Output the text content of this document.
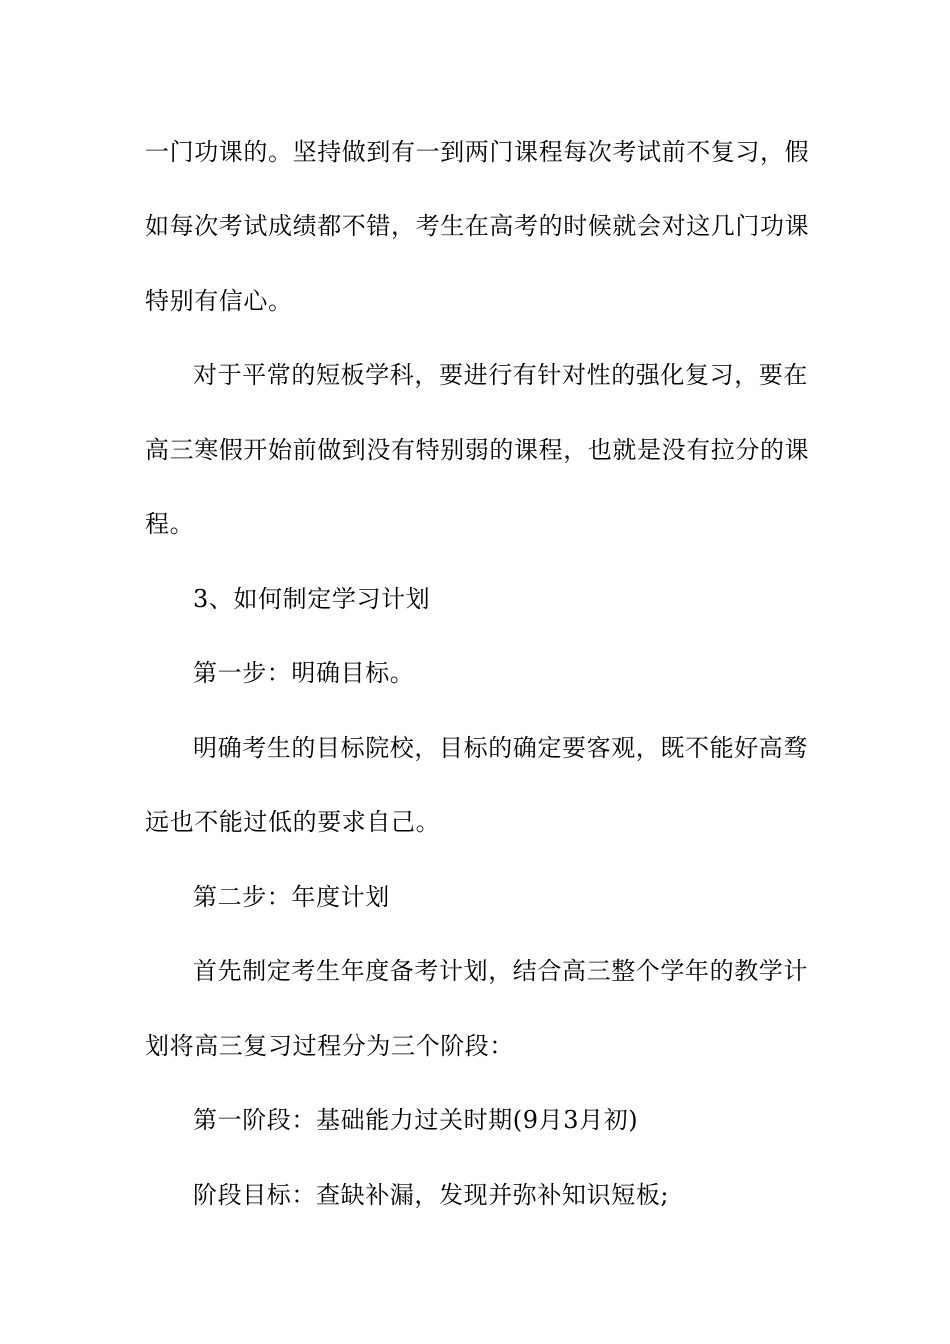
一门功课的。坚持做到有一到两门课程每次考试前不复习，假
如每次考试成绩都不错，考生在高考的时候就会对这几门功课
特别有信心。
对于平常的短板学科，要进行有针对性的强化复习，要在
高三寒假开始前做到没有特别弱的课程，也就是没有拉分的课
程。
3、如何制定学习计划
第一步：明确目标。
明确考生的目标院校，目标的确定要客观，既不能好高骛
远也不能过低的要求自己。
第二步：年度计划
首先制定考生年度备考计划，结合高三整个学年的教学计
划将高三复习过程分为三个阶段：
第一阶段：基础能力过关时期(9月3月初)
阶段目标：查缺补漏，发现并弥补知识短板;
